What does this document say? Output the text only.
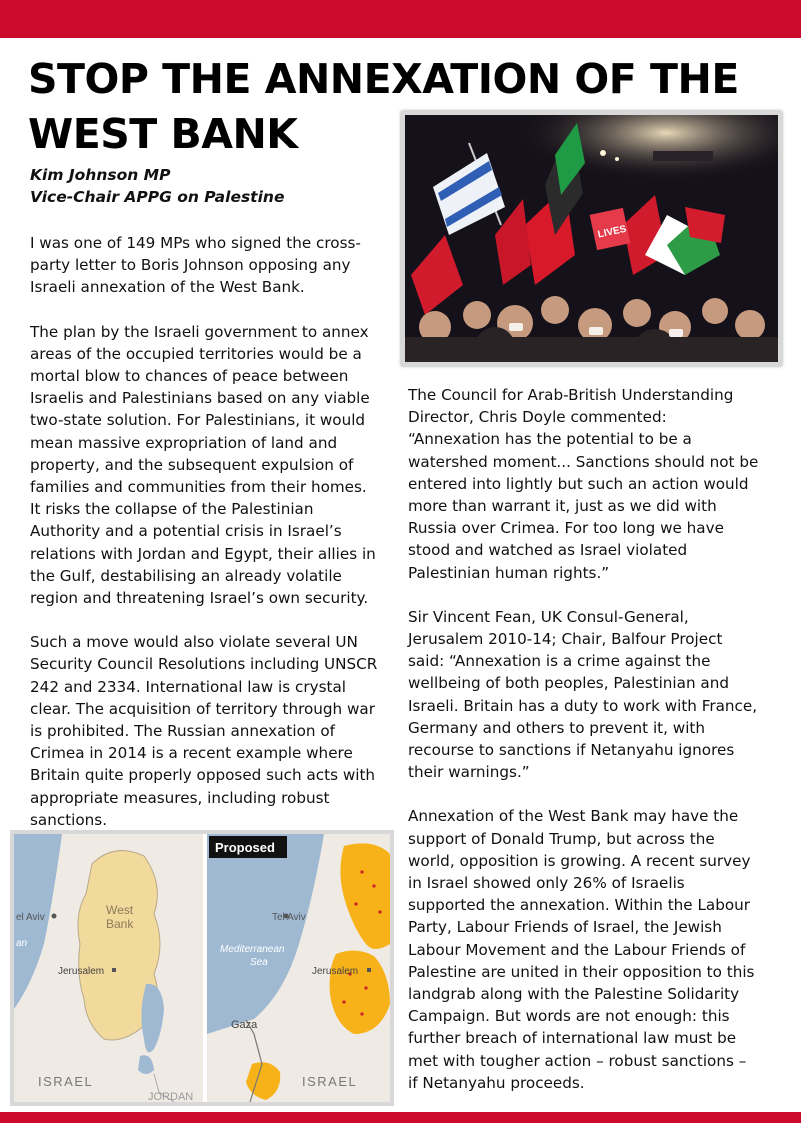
STOP THE ANNEXATION OF THE WEST BANK
Kim Johnson MP
Vice-Chair APPG on Palestine

I was one of 149 MPs who signed the cross-party letter to Boris Johnson opposing any Israeli annexation of the West Bank.

The plan by the Israeli government to annex areas of the occupied territories would be a mortal blow to chances of peace between Israelis and Palestinians based on any viable two-state solution. For Palestinians, it would mean massive expropriation of land and property, and the subsequent expulsion of families and communities from their homes. It risks the collapse of the Palestinian Authority and a potential crisis in Israel’s relations with Jordan and Egypt, their allies in the Gulf, destabilising an already volatile region and threatening Israel’s own security.

Such a move would also violate several UN Security Council Resolutions including UNSCR 242 and 2334. International law is crystal clear. The acquisition of territory through war is prohibited. The Russian annexation of Crimea in 2014 is a recent example where Britain quite properly opposed such acts with appropriate measures, including robust sanctions.

LIVES

The Council for Arab-British Understanding Director, Chris Doyle commented: “Annexation has the potential to be a watershed moment... Sanctions should not be entered into lightly but such an action would more than warrant it, just as we did with Russia over Crimea. For too long we have stood and watched as Israel violated Palestinian human rights.”

Sir Vincent Fean, UK Consul-General, Jerusalem 2010-14; Chair, Balfour Project said: “Annexation is a crime against the wellbeing of both peoples, Palestinian and Israeli. Britain has a duty to work with France, Germany and others to prevent it, with recourse to sanctions if Netanyahu ignores their warnings.”

Annexation of the West Bank may have the support of Donald Trump, but across the world, opposition is growing. A recent survey in Israel showed only 26% of Israelis supported the annexation. Within the Labour Party, Labour Friends of Israel, the Jewish Labour Movement and the Labour Friends of Palestine are united in their opposition to this landgrab along with the Palestine Solidarity Campaign. But words are not enough: this further breach of international law must be met with tougher action – robust sanctions – if Netanyahu proceeds.

el Aviv
West
Bank
Jerusalem
an
ISRAEL
JORDAN
Tel Aviv
Mediterranean
Sea
Jerusalem
Gaza
ISRAEL
Proposed
